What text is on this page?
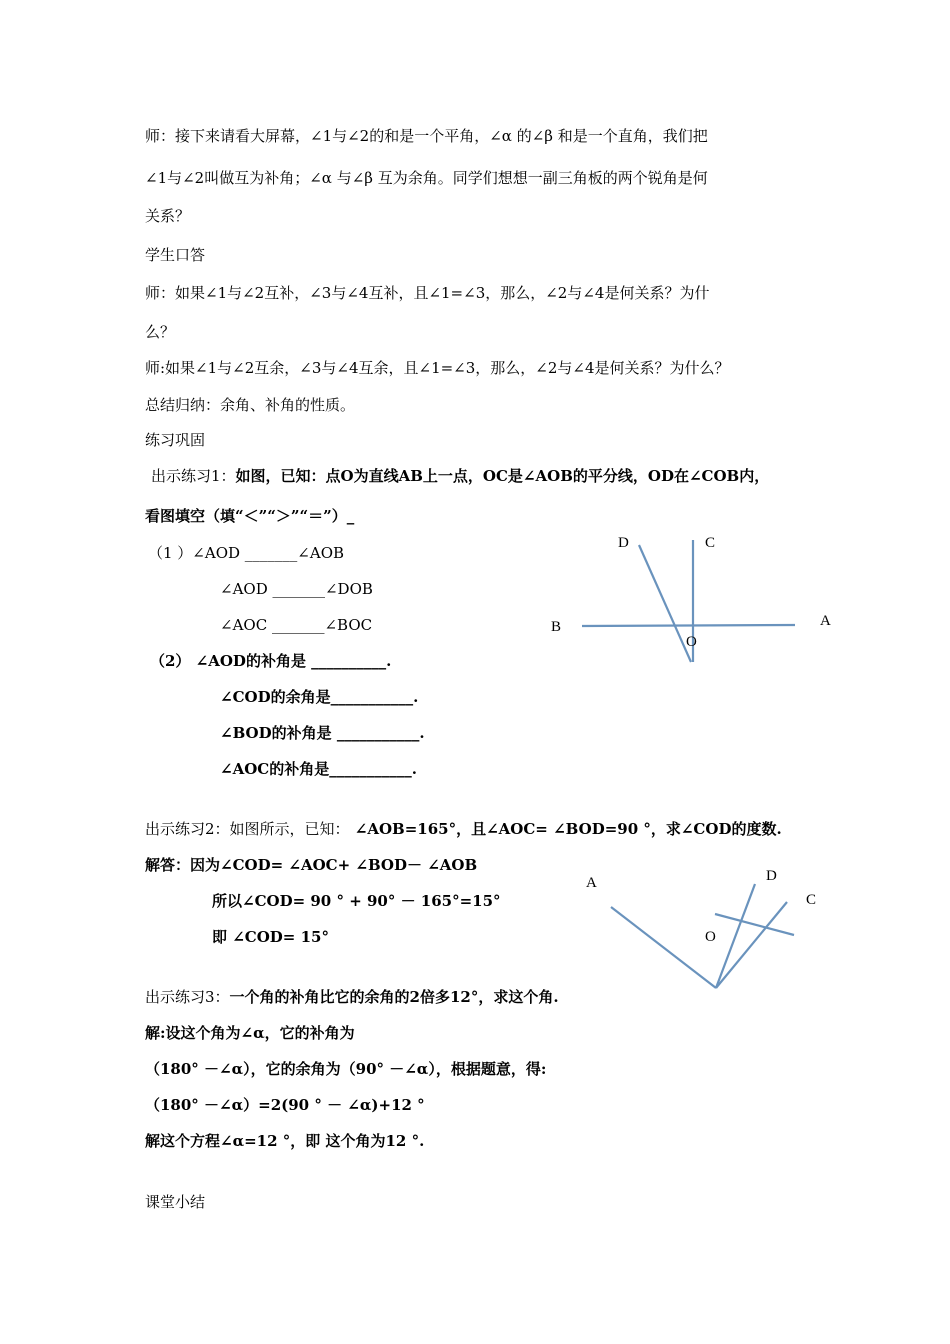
师：接下来请看大屏幕，∠1与∠2的和是一个平角，∠α 的∠β 和是一个直角，我们把
∠1与∠2叫做互为补角；∠α 与∠β 互为余角。同学们想想一副三角板的两个锐角是何
关系？
学生口答
师：如果∠1与∠2互补，∠3与∠4互补，且∠1=∠3，那么，∠2与∠4是何关系？为什
么？
师:如果∠1与∠2互余，∠3与∠4互余，且∠1=∠3，那么，∠2与∠4是何关系？为什么？
总结归纳：余角、补角的性质。
练习巩固
出示练习1：如图，已知：点O为直线AB上一点，OC是∠AOB的平分线，OD在∠COB内，
看图填空（填“＜”“＞”“＝”）_
（1 ）∠AOD _______∠AOB
∠AOD _______∠DOB
∠AOC _______∠BOC
（2） ∠AOD的补角是 __________.
∠COD的余角是___________.
∠BOD的补角是 ___________.
∠AOC的补角是___________.
D	C
B	A
O
出示练习2：如图所示，已知： ∠AOB=165°，且∠AOC= ∠BOD=90 °，求∠COD的度数.
解答：因为∠COD= ∠AOC+ ∠BOD－ ∠AOB
所以∠COD= 90 ° + 90° － 165°=15°
即 ∠COD= 15°
A	D
C
O
出示练习3：一个角的补角比它的余角的2倍多12°，求这个角.
解:设这个角为∠α，它的补角为
（180° －∠α），它的余角为（90° －∠α），根据题意，得:
（180° －∠α）=2(90 ° － ∠α)+12 °
解这个方程∠α=12 °，即 这个角为12 °.
课堂小结
